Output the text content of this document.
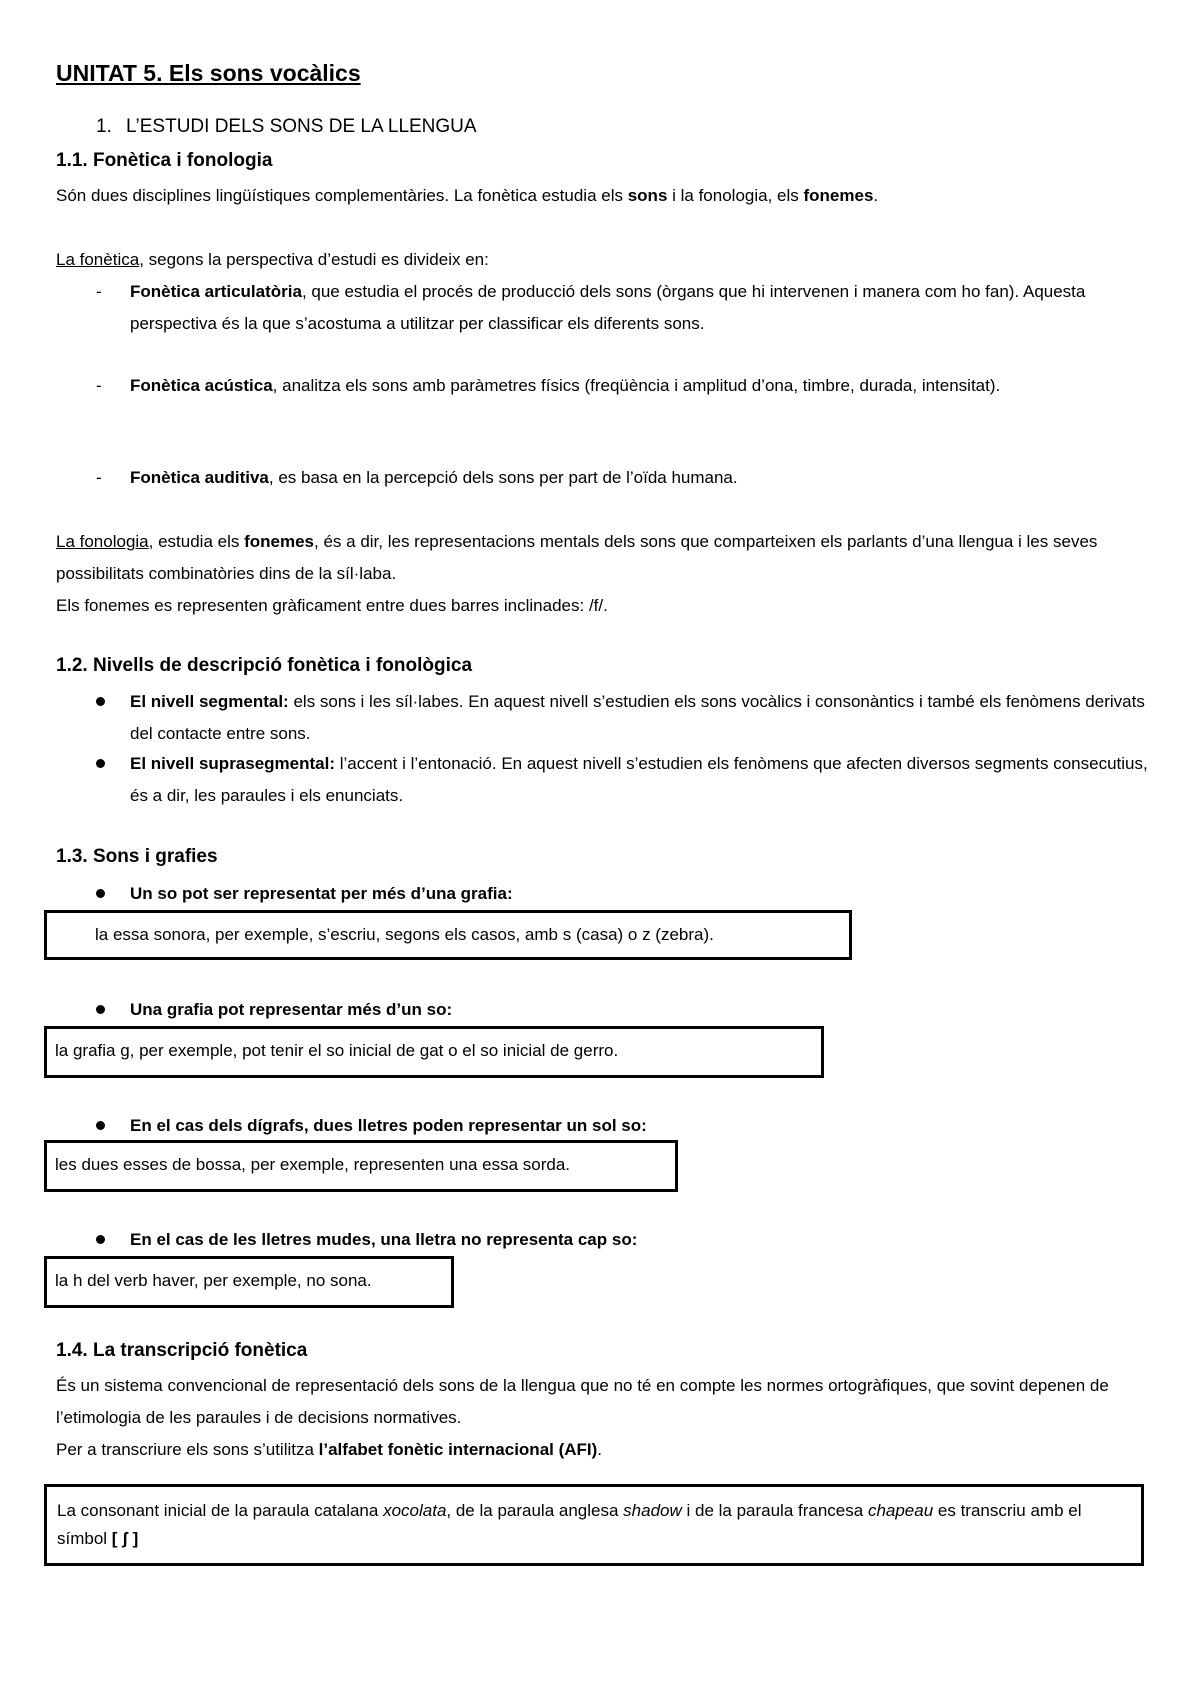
UNITAT 5. Els sons vocàlics
1. L’ESTUDI DELS SONS DE LA LLENGUA
1.1. Fonètica i fonologia

Són dues disciplines lingüístiques complementàries. La fonètica estudia els sons i la fonologia, els fonemes.

La fonètica, segons la perspectiva d’estudi es divideix en:

- Fonètica articulatòria, que estudia el procés de producció dels sons (òrgans que hi intervenen i manera com ho fan). Aquesta perspectiva és la que s’acostuma a utilitzar per classificar els diferents sons.
- Fonètica acústica, analitza els sons amb paràmetres físics (freqüència i amplitud d’ona, timbre, durada, intensitat).
- Fonètica auditiva, es basa en la percepció dels sons per part de l’oïda humana.

La fonologia, estudia els fonemes, és a dir, les representacions mentals dels sons que comparteixen els parlants d’una llengua i les seves possibilitats combinatòries dins de la síl·laba.

Els fonemes es representen gràficament entre dues barres inclinades: /f/.

1.2. Nivells de descripció fonètica i fonològica
El nivell segmental: els sons i les síl·labes. En aquest nivell s’estudien els sons vocàlics i consonàntics i també els fenòmens derivats del contacte entre sons.
El nivell suprasegmental: l’accent i l’entonació. En aquest nivell s’estudien els fenòmens que afecten diversos segments consecutius, és a dir, les paraules i els enunciats.
1.3. Sons i grafies
Un so pot ser representat per més d’una grafia:
la essa sonora, per exemple, s’escriu, segons els casos, amb s (casa) o z (zebra).
Una grafia pot representar més d’un so:
la grafia g, per exemple, pot tenir el so inicial de gat o el so inicial de gerro.
En el cas dels dígrafs, dues lletres poden representar un sol so:
les dues esses de bossa, per exemple, representen una essa sorda.
En el cas de les lletres mudes, una lletra no representa cap so:
la h del verb haver, per exemple, no sona.
1.4. La transcripció fonètica

És un sistema convencional de representació dels sons de la llengua que no té en compte les normes ortogràfiques, que sovint depenen de l’etimologia de les paraules i de decisions normatives.

Per a transcriure els sons s’utilitza l’alfabet fonètic internacional (AFI).

La consonant inicial de la paraula catalana xocolata, de la paraula anglesa shadow i de la paraula francesa chapeau es transcriu amb el símbol [ ʃ ]
